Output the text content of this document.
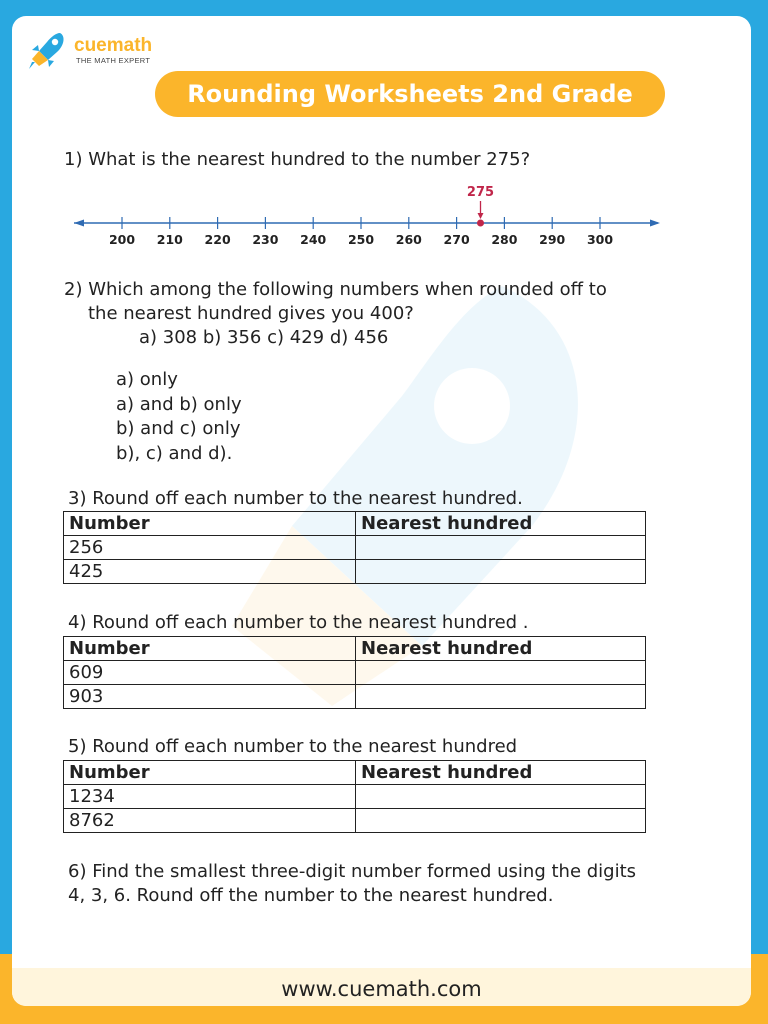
cuemath
THE MATH EXPERT
Rounding Worksheets 2nd Grade
1) What is the nearest hundred to the number 275?
200 210 220 230 240 250 260 270 280 290 300
275
2) Which among the following numbers when rounded off to
the nearest hundred gives you 400?
a) 308 b) 356 c) 429 d) 456
a) only
a) and b) only
b) and c) only
b), c) and d).
3) Round off each number to the nearest hundred.
Number	Nearest hundred
256	
425	
4) Round off each number to the nearest hundred .
Number	Nearest hundred
609	
903	
5) Round off each number to the nearest hundred
Number	Nearest hundred
1234	
8762	
6) Find the smallest three-digit number formed using the digits
4, 3, 6. Round off the number to the nearest hundred.
www.cuemath.com
